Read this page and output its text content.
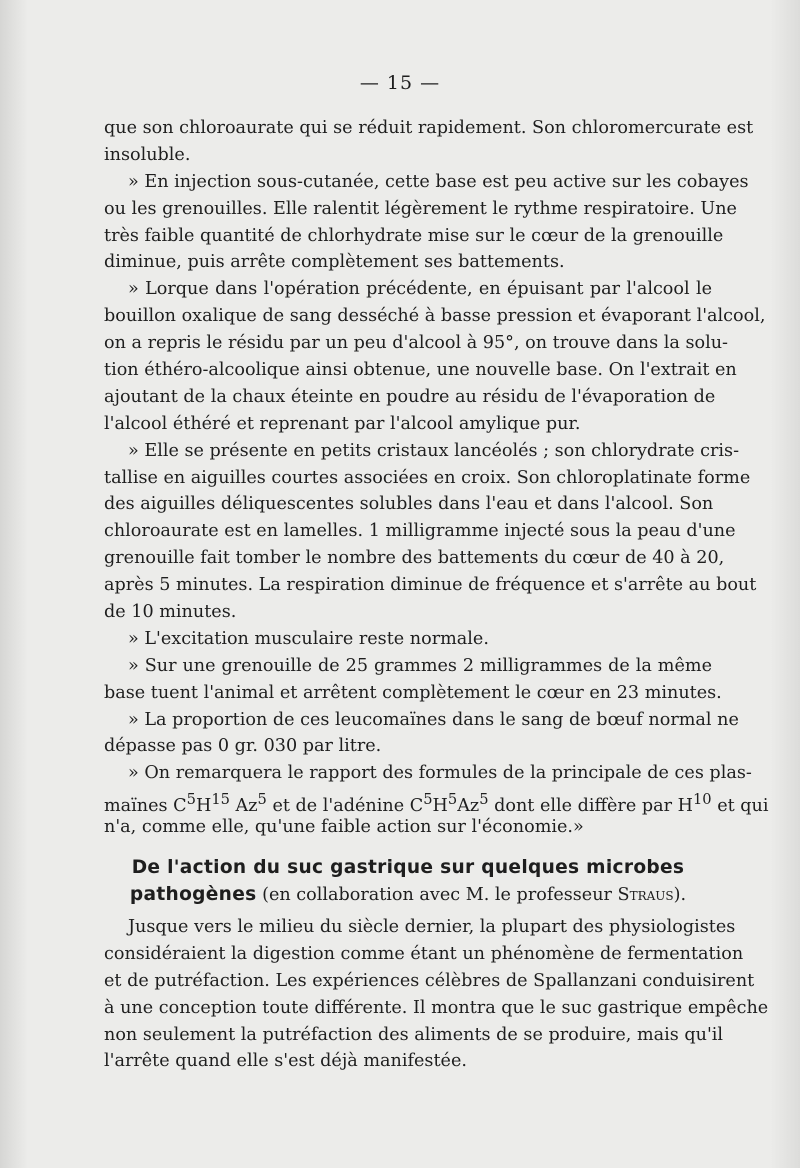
— 15 —
que son chloroaurate qui se réduit rapidement. Son chloromercurate est
insoluble.
» En injection sous-cutanée, cette base est peu active sur les cobayes
ou les grenouilles. Elle ralentit légèrement le rythme respiratoire. Une
très faible quantité de chlorhydrate mise sur le cœur de la grenouille
diminue, puis arrête complètement ses battements.
» Lorque dans l'opération précédente, en épuisant par l'alcool le
bouillon oxalique de sang desséché à basse pression et évaporant l'alcool,
on a repris le résidu par un peu d'alcool à 95°, on trouve dans la solu-
tion éthéro-alcoolique ainsi obtenue, une nouvelle base. On l'extrait en
ajoutant de la chaux éteinte en poudre au résidu de l'évaporation de
l'alcool éthéré et reprenant par l'alcool amylique pur.
» Elle se présente en petits cristaux lancéolés ; son chlorydrate cris-
tallise en aiguilles courtes associées en croix. Son chloroplatinate forme
des aiguilles déliquescentes solubles dans l'eau et dans l'alcool. Son
chloroaurate est en lamelles. 1 milligramme injecté sous la peau d'une
grenouille fait tomber le nombre des battements du cœur de 40 à 20,
après 5 minutes. La respiration diminue de fréquence et s'arrête au bout
de 10 minutes.
» L'excitation musculaire reste normale.
» Sur une grenouille de 25 grammes 2 milligrammes de la même
base tuent l'animal et arrêtent complètement le cœur en 23 minutes.
» La proportion de ces leucomaïnes dans le sang de bœuf normal ne
dépasse pas 0 gr. 030 par litre.
» On remarquera le rapport des formules de la principale de ces plas-
maïnes $C^5H^{15}$ Az$^5$ et de l'adénine $C^5H^5Az^5$ dont elle diffère par $H^{10}$ et qui
n'a, comme elle, qu'une faible action sur l'économie.»
De l'action du suc gastrique sur quelques microbes
pathogènes (en collaboration avec M. le professeur Straus).
Jusque vers le milieu du siècle dernier, la plupart des physiologistes
considéraient la digestion comme étant un phénomène de fermentation
et de putréfaction. Les expériences célèbres de Spallanzani conduisirent
à une conception toute différente. Il montra que le suc gastrique empêche
non seulement la putréfaction des aliments de se produire, mais qu'il
l'arrête quand elle s'est déjà manifestée.
